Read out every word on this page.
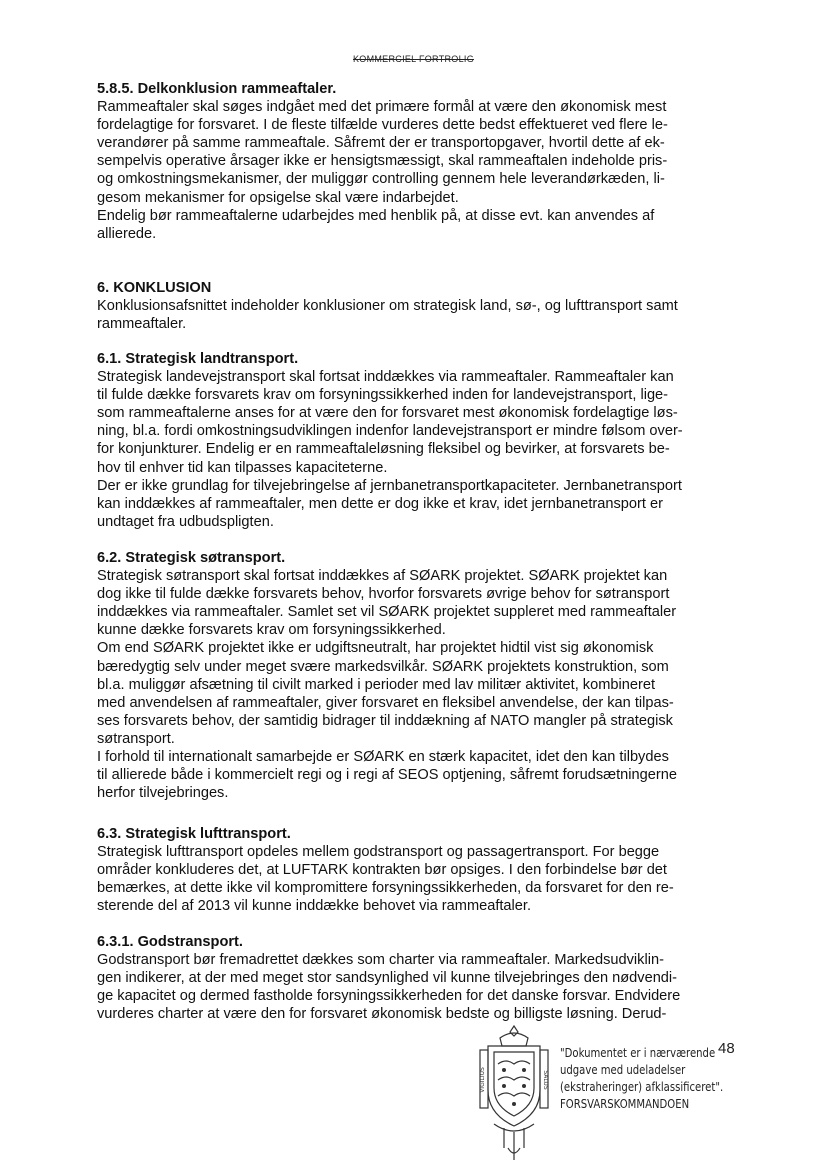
KOMMERCIEL FORTROLIG

5.8.5. Delkonklusion rammeaftaler.

Rammeaftaler skal søges indgået med det primære formål at være den økonomisk mest
fordelagtige for forsvaret. I de fleste tilfælde vurderes dette bedst effektueret ved flere le-
verandører på samme rammeaftale. Såfremt der er transportopgaver, hvortil dette af ek-
sempelvis operative årsager ikke er hensigtsmæssigt, skal rammeaftalen indeholde pris-
og omkostningsmekanismer, der muliggør controlling gennem hele leverandørkæden, li-
gesom mekanismer for opsigelse skal være indarbejdet.
Endelig bør rammeaftalerne udarbejdes med henblik på, at disse evt. kan anvendes af
allierede.

6. KONKLUSION

Konklusionsafsnittet indeholder konklusioner om strategisk land, sø-, og lufttransport samt
rammeaftaler.

6.1. Strategisk landtransport.

Strategisk landevejstransport skal fortsat inddækkes via rammeaftaler. Rammeaftaler kan
til fulde dække forsvarets krav om forsyningssikkerhed inden for landevejstransport, lige-
som rammeaftalerne anses for at være den for forsvaret mest økonomisk fordelagtige løs-
ning, bl.a. fordi omkostningsudviklingen indenfor landevejstransport er mindre følsom over-
for konjunkturer. Endelig er en rammeaftaleløsning fleksibel og bevirker, at forsvarets be-
hov til enhver tid kan tilpasses kapaciteterne.
Der er ikke grundlag for tilvejebringelse af jernbanetransportkapaciteter. Jernbanetransport
kan inddækkes af rammeaftaler, men dette er dog ikke et krav, idet jernbanetransport er
undtaget fra udbudspligten.

6.2. Strategisk søtransport.

Strategisk søtransport skal fortsat inddækkes af SØARK projektet. SØARK projektet kan
dog ikke til fulde dække forsvarets behov, hvorfor forsvarets øvrige behov for søtransport
inddækkes via rammeaftaler. Samlet set vil SØARK projektet suppleret med rammeaftaler
kunne dække forsvarets krav om forsyningssikkerhed.
Om end SØARK projektet ikke er udgiftsneutralt, har projektet hidtil vist sig økonomisk
bæredygtig selv under meget svære markedsvilkår. SØARK projektets konstruktion, som
bl.a. muliggør afsætning til civilt marked i perioder med lav militær aktivitet, kombineret
med anvendelsen af rammeaftaler, giver forsvaret en fleksibel anvendelse, der kan tilpas-
ses forsvarets behov, der samtidig bidrager til inddækning af NATO mangler på strategisk
søtransport.
I forhold til internationalt samarbejde er SØARK en stærk kapacitet, idet den kan tilbydes
til allierede både i kommercielt regi og i regi af SEOS optjening, såfremt forudsætningerne
herfor tilvejebringes.

6.3. Strategisk lufttransport.

Strategisk lufttransport opdeles mellem godstransport og passagertransport. For begge
områder konkluderes det, at LUFTARK kontrakten bør opsiges. I den forbindelse bør det
bemærkes, at dette ikke vil kompromittere forsyningssikkerheden, da forsvaret for den re-
sterende del af 2013 vil kunne inddække behovet via rammeaftaler.

6.3.1. Godstransport.

Godstransport bør fremadrettet dækkes som charter via rammeaftaler. Markedsudviklin-
gen indikerer, at der med meget stor sandsynlighed vil kunne tilvejebringes den nødvendi-
ge kapacitet og dermed fastholde forsyningssikkerheden for det danske forsvar. Endvidere
vurderes charter at være den for forsvaret økonomisk bedste og billigste løsning. Derud-

VIGILIUS	SALUS
"Dokumentet er i nærværende
udgave med udeladelser
(ekstraheringer) afklassificeret".
FORSVARSKOMMANDOEN
48
